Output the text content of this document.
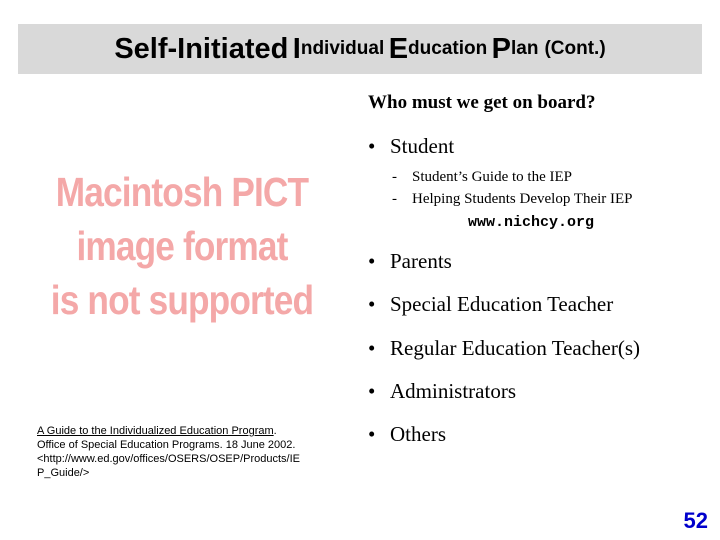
Self-Initiated
I ndividual
E ducation
P lan (Cont.)
Macintosh PICT
image format
is not supported
A Guide to the Individualized Education Program.
Office of Special Education Programs. 18 June 2002.
<http://www.ed.gov/offices/OSERS/OSEP/Products/IE
P_Guide/>
Who must we get on board?
• Student
- Student’s Guide to the IEP
- Helping Students Develop Their IEP
www.nichcy.org
• Parents
• Special Education Teacher
• Regular Education Teacher(s)
• Administrators
• Others
52
